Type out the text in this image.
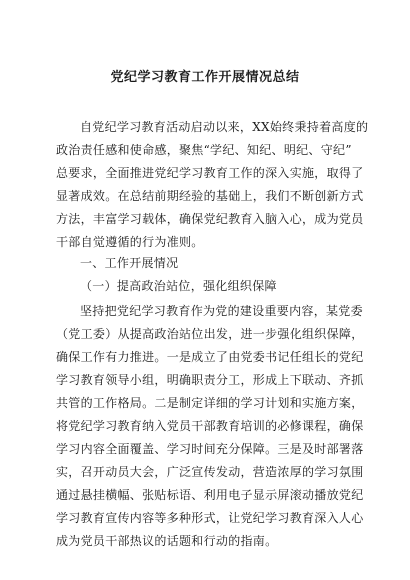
党纪学习教育工作开展情况总结
自党纪学习教育活动启动以来，XX始终秉持着高度的
政治责任感和使命感，聚焦“学纪、知纪、明纪、守纪”
总要求，全面推进党纪学习教育工作的深入实施，取得了
显著成效。在总结前期经验的基础上，我们不断创新方式
方法，丰富学习载体，确保党纪教育入脑入心，成为党员
干部自觉遵循的行为准则。
一、工作开展情况
（一）提高政治站位，强化组织保障
坚持把党纪学习教育作为党的建设重要内容，某党委
（党工委）从提高政治站位出发，进一步强化组织保障，
确保工作有力推进。一是成立了由党委书记任组长的党纪
学习教育领导小组，明确职责分工，形成上下联动、齐抓
共管的工作格局。二是制定详细的学习计划和实施方案，
将党纪学习教育纳入党员干部教育培训的必修课程，确保
学习内容全面覆盖、学习时间充分保障。三是及时部署落
实，召开动员大会，广泛宣传发动，营造浓厚的学习氛围
通过悬挂横幅、张贴标语、利用电子显示屏滚动播放党纪
学习教育宣传内容等多种形式，让党纪学习教育深入人心
成为党员干部热议的话题和行动的指南。
